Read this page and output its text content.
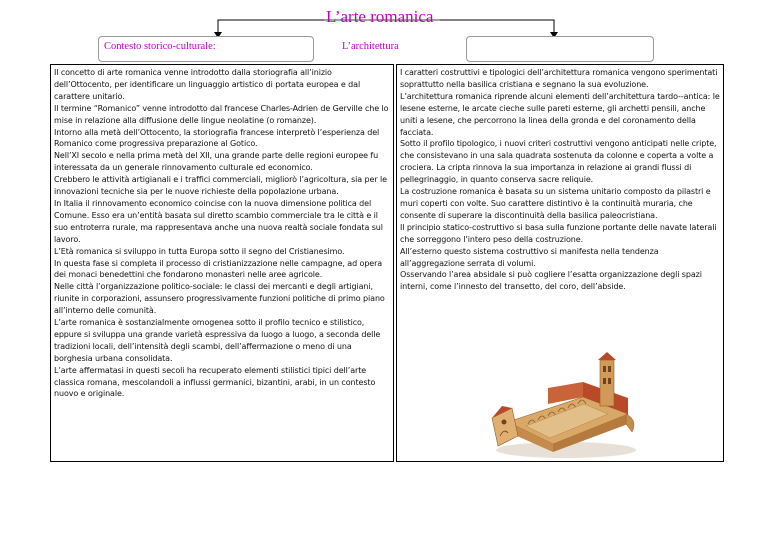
L’arte romanica
Contesto storico-culturale:	L’architettura

Il concetto di arte romanica venne introdotto dalla storiografia all’inizio dell’Ottocento, per identificare un linguaggio artistico di portata europea e dal carattere unitario.

Il termine “Romanico” venne introdotto dal francese Charles-Adrien de Gerville che lo mise in relazione alla diffusione delle lingue neolatine (o romanze).

Intorno alla metà dell’Ottocento, la storiografia francese interpretò l’esperienza del Romanico come progressiva preparazione al Gotico.

Nell’XI secolo e nella prima metà del XII, una grande parte delle regioni europee fu interessata da un generale rinnovamento culturale ed economico.

Crebbero le attività artigianali e i traffici commerciali, migliorò l’agricoltura, sia per le innovazioni tecniche sia per le nuove richieste della popolazione urbana.

In Italia il rinnovamento economico coincise con la nuova dimensione politica del Comune. Esso era un’entità basata sul diretto scambio commerciale tra le città e il suo entroterra rurale, ma rappresentava anche una nuova realtà sociale fondata sul lavoro.

L’Età romanica si sviluppo in tutta Europa sotto il segno del Cristianesimo.

In questa fase si completa il processo di cristianizzazione nelle campagne, ad opera dei monaci benedettini che fondarono monasteri nelle aree agricole.

Nelle città l’organizzazione politico-sociale: le classi dei mercanti e degli artigiani, riunite in corporazioni, assunsero progressivamente funzioni politiche di primo piano all’interno delle comunità.

L’arte romanica è sostanzialmente omogenea sotto il profilo tecnico e stilistico, eppure si sviluppa una grande varietà espressiva da luogo a luogo, a seconda delle tradizioni locali, dell’intensità degli scambi, dell’affermazione o meno di una borghesia urbana consolidata.

L’arte affermatasi in questi secoli ha recuperato elementi stilistici tipici dell’arte classica romana, mescolandoli a influssi germanici, bizantini, arabi, in un contesto nuovo e originale.

I caratteri costruttivi e tipologici dell’architettura romanica vengono sperimentati soprattutto nella basilica cristiana e segnano la sua evoluzione.

L’architettura romanica riprende alcuni elementi dell’architettura tardo--antica: le lesene esterne, le arcate cieche sulle pareti esterne, gli archetti pensili, anche uniti a lesene, che percorrono la linea della gronda e del coronamento della facciata.

Sotto il profilo tipologico, i nuovi criteri costruttivi vengono anticipati nelle cripte, che consistevano in una sala quadrata sostenuta da colonne e coperta a volte a crociera. La cripta rinnova la sua importanza in relazione ai grandi flussi di pellegrinaggio, in quanto conserva sacre reliquie.

La costruzione romanica è basata su un sistema unitario composto da pilastri e muri coperti con volte. Suo carattere distintivo è la continuità muraria, che consente di superare la discontinuità della basilica paleocristiana.

Il principio statico-costruttivo si basa sulla funzione portante delle navate laterali che sorreggono l’intero peso della costruzione.

All’esterno questo sistema costruttivo si manifesta nella tendenza all’aggregazione serrata di volumi.

Osservando l’area absidale si può cogliere l’esatta organizzazione degli spazi interni, come l’innesto del transetto, del coro, dell’abside.
